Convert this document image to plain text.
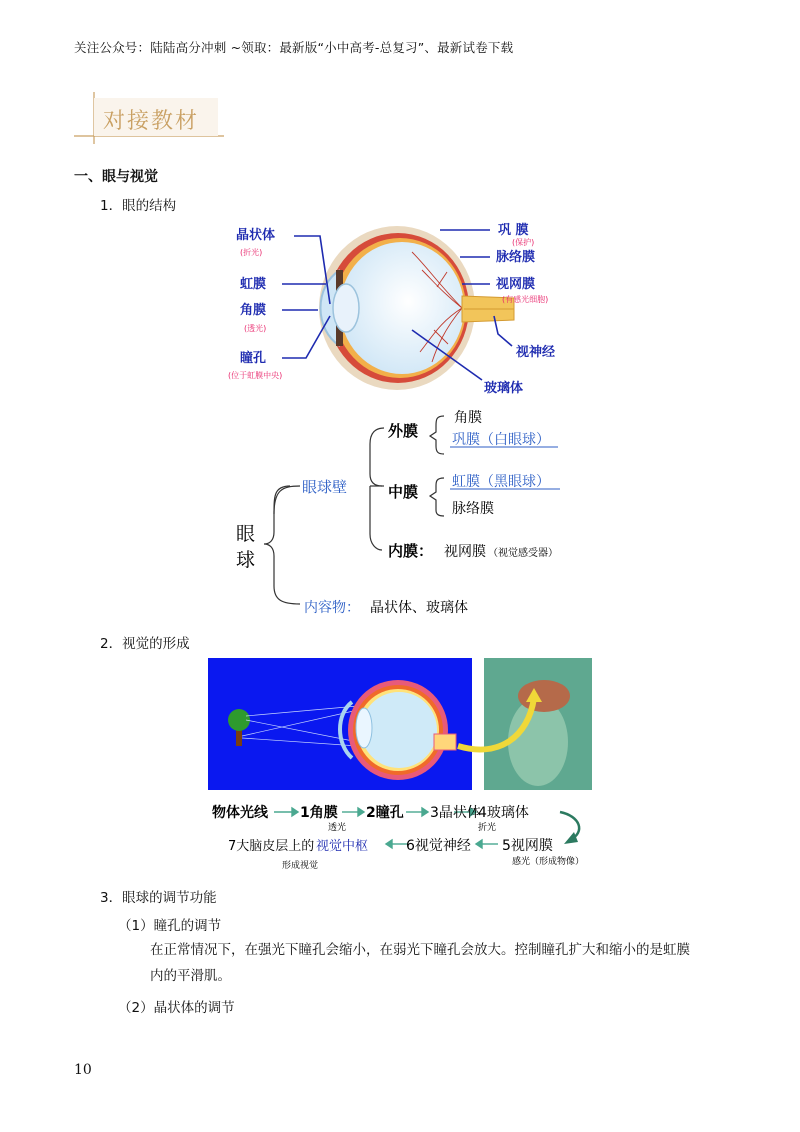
关注公众号：陆陆高分冲刺 ~领取：最新版“小中高考-总复习”、最新试卷下载
对接教材
一、眼与视觉
1．眼的结构
晶状体
(折光)
虹膜
角膜
(透光)
瞳孔
(位于虹膜中央)
巩 膜
(保护)
脉络膜
视网膜
(有感光细胞)
视神经
玻璃体
眼
球
眼球壁
外膜
角膜
巩膜（白眼球）
中膜
虹膜（黑眼球）
脉络膜
内膜： 视网膜 （视觉感受器）
内容物： 晶状体、玻璃体
2．视觉的形成
物体光线 1角膜 2瞳孔 3晶状体
4玻璃体
透光	折光
7大脑皮层上的 视觉中枢	6视觉神经 5视网膜
形成视觉	感光（形成物像）
3．眼球的调节功能
（1）瞳孔的调节
在正常情况下，在强光下瞳孔会缩小，在弱光下瞳孔会放大。控制瞳孔扩大和缩小的是虹膜
内的平滑肌。
（2）晶状体的调节
10
